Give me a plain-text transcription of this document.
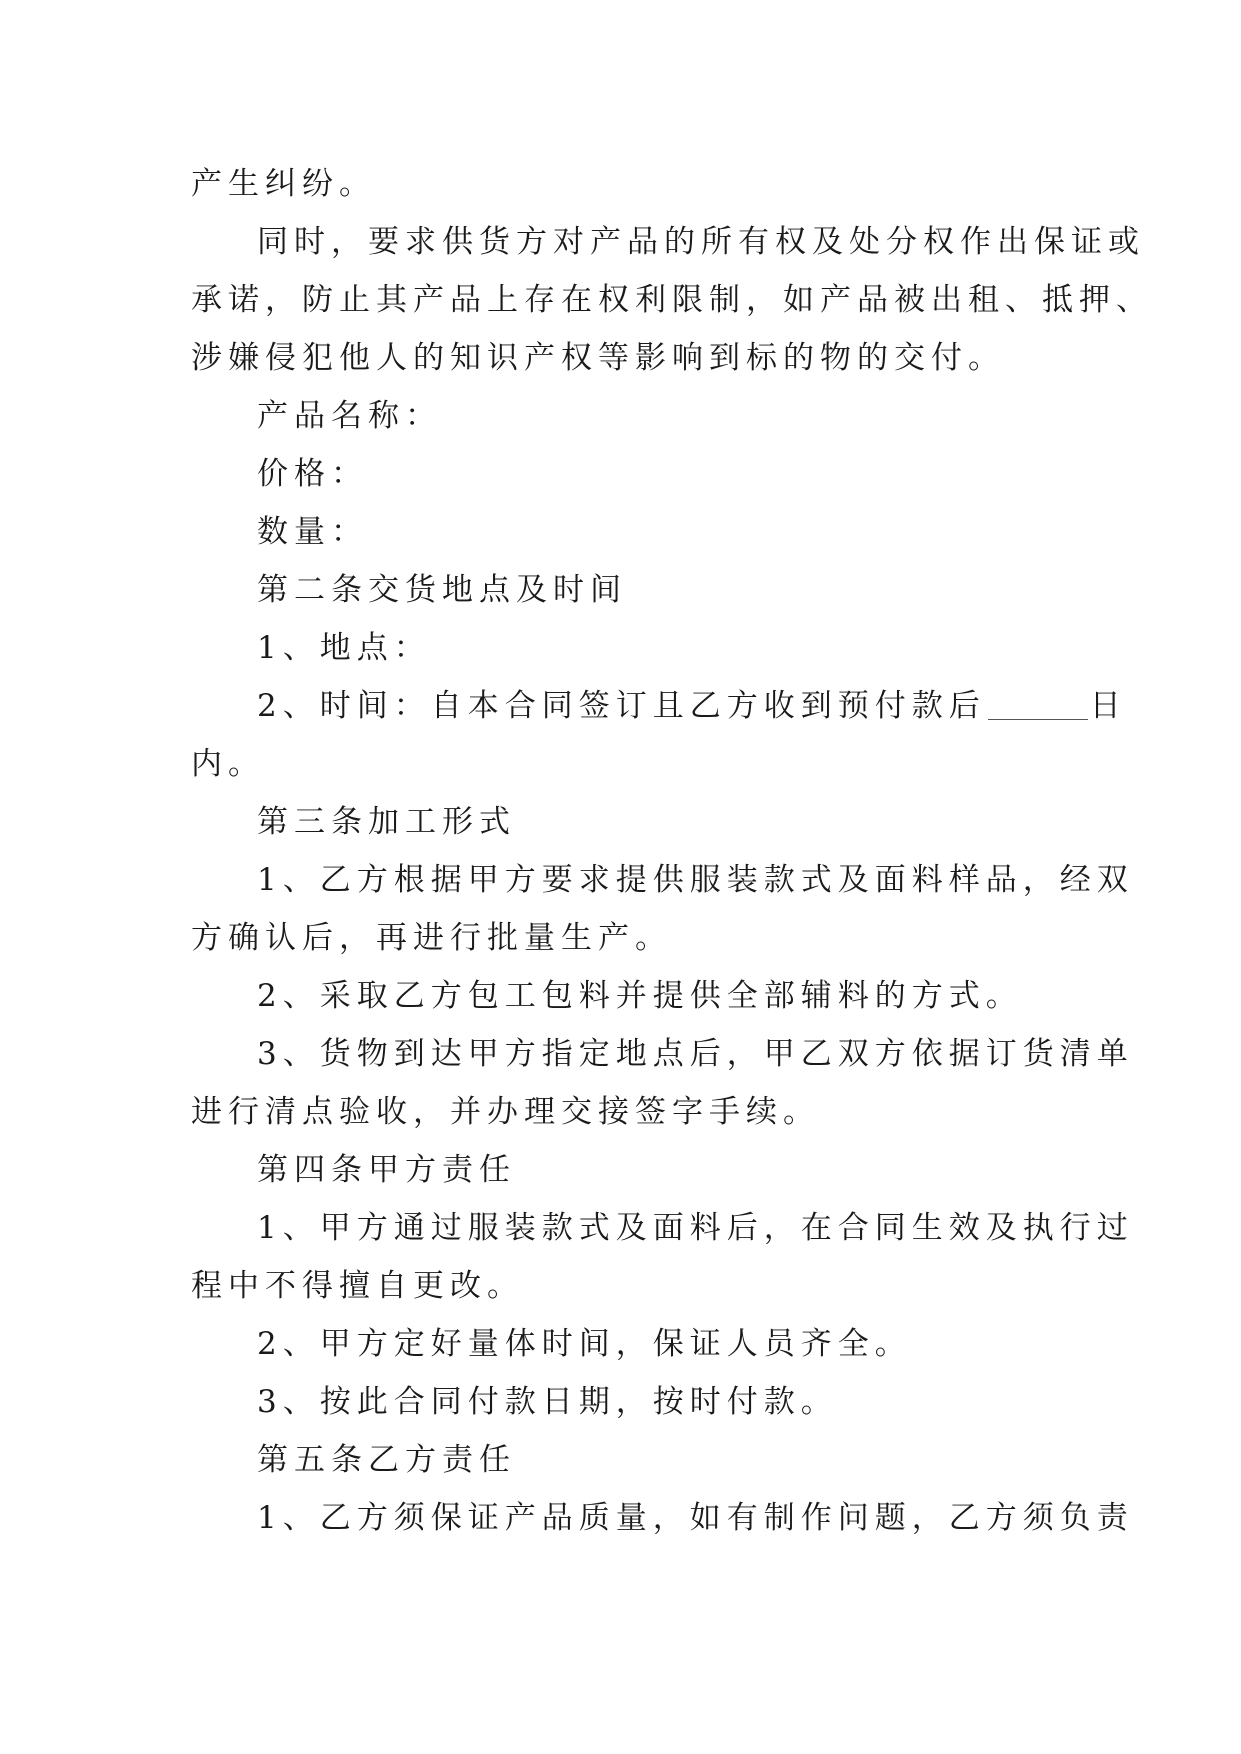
产生纠纷。
同时，要求供货方对产品的所有权及处分权作出保证或
承诺，防止其产品上存在权利限制，如产品被出租、抵押、
涉嫌侵犯他人的知识产权等影响到标的物的交付。
产品名称：
价格：
数量：
第二条交货地点及时间
1、地点：
2、时间：自本合同签订且乙方收到预付款后	日
内。
第三条加工形式
1、乙方根据甲方要求提供服装款式及面料样品，经双
方确认后，再进行批量生产。
2、采取乙方包工包料并提供全部辅料的方式。
3、货物到达甲方指定地点后，甲乙双方依据订货清单
进行清点验收，并办理交接签字手续。
第四条甲方责任
1、甲方通过服装款式及面料后，在合同生效及执行过
程中不得擅自更改。
2、甲方定好量体时间，保证人员齐全。
3、按此合同付款日期，按时付款。
第五条乙方责任
1、乙方须保证产品质量，如有制作问题，乙方须负责
